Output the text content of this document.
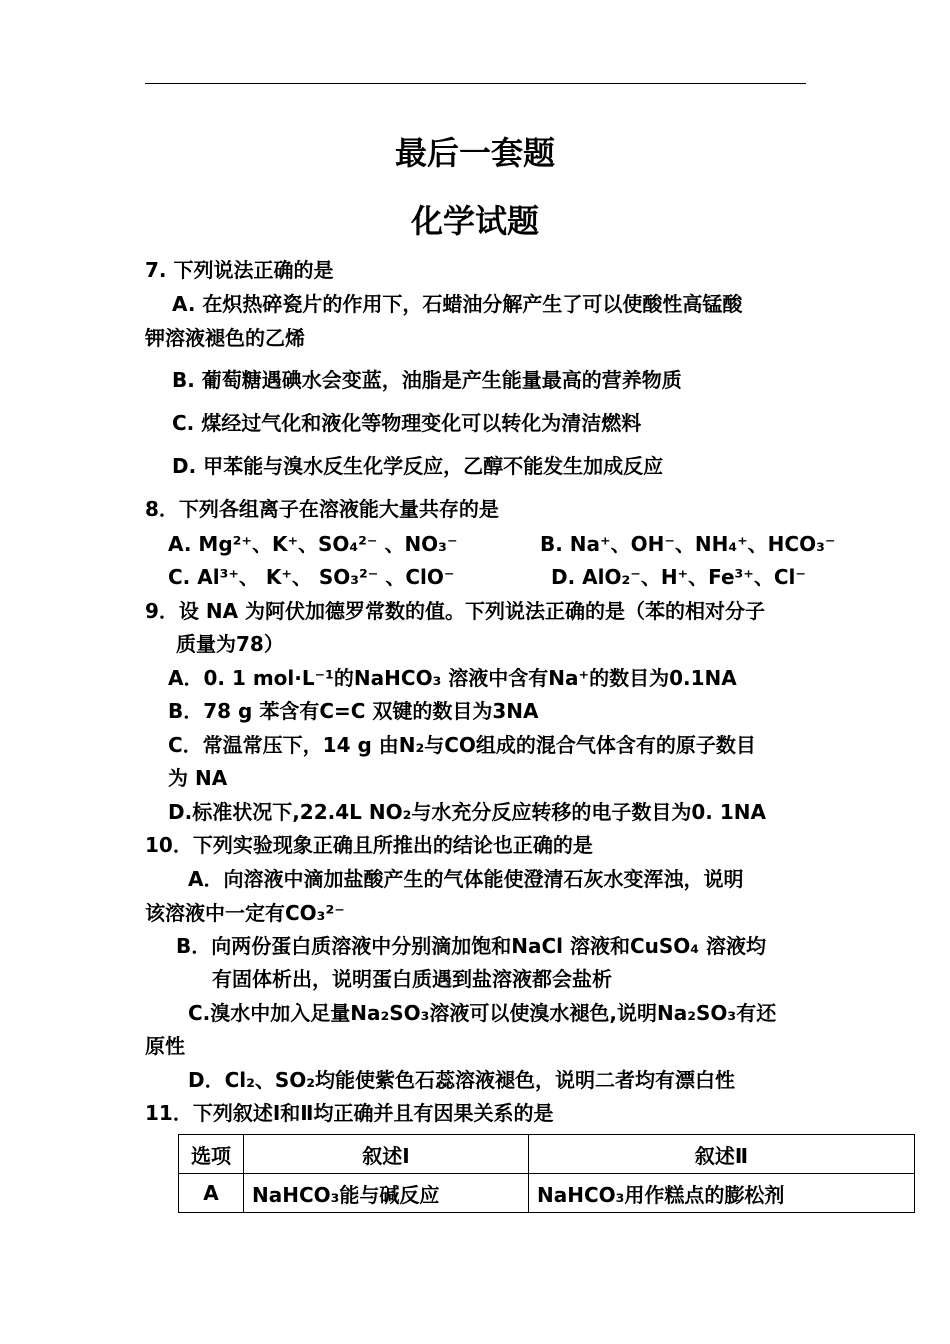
最后一套题
化学试题
7. 下列说法正确的是
A. 在炽热碎瓷片的作用下，石蜡油分解产生了可以使酸性高锰酸
钾溶液褪色的乙烯
B. 葡萄糖遇碘水会变蓝，油脂是产生能量最高的营养物质
C. 煤经过气化和液化等物理变化可以转化为清洁燃料
D. 甲苯能与溴水反生化学反应，乙醇不能发生加成反应
8．下列各组离子在溶液能大量共存的是
A. Mg²⁺、K⁺、SO₄²⁻ 、NO₃⁻	B. Na⁺、OH⁻、NH₄⁺、HCO₃⁻
C. Al³⁺、 K⁺、 SO₃²⁻ 、ClO⁻	D. AlO₂⁻、H⁺、Fe³⁺、Cl⁻
9．设 NA 为阿伏加德罗常数的值。下列说法正确的是（苯的相对分子
质量为78）
A．0. 1 mol·L⁻¹的NaHCO₃ 溶液中含有Na⁺的数目为0.1NA
B．78 g 苯含有C=C 双键的数目为3NA
C．常温常压下，14 g 由N₂与CO组成的混合气体含有的原子数目
为 NA
D.标准状况下,22.4L NO₂与水充分反应转移的电子数目为0. 1NA
10．下列实验现象正确且所推出的结论也正确的是
A．向溶液中滴加盐酸产生的气体能使澄清石灰水变浑浊，说明
该溶液中一定有CO₃²⁻
B．向两份蛋白质溶液中分别滴加饱和NaCl 溶液和CuSO₄ 溶液均
有固体析出，说明蛋白质遇到盐溶液都会盐析
C.溴水中加入足量Na₂SO₃溶液可以使溴水褪色,说明Na₂SO₃有还
原性
D．Cl₂、SO₂均能使紫色石蕊溶液褪色，说明二者均有漂白性
11．下列叙述Ⅰ和Ⅱ均正确并且有因果关系的是
选项	叙述Ⅰ	叙述Ⅱ
A	NaHCO₃能与碱反应	NaHCO₃用作糕点的膨松剂
